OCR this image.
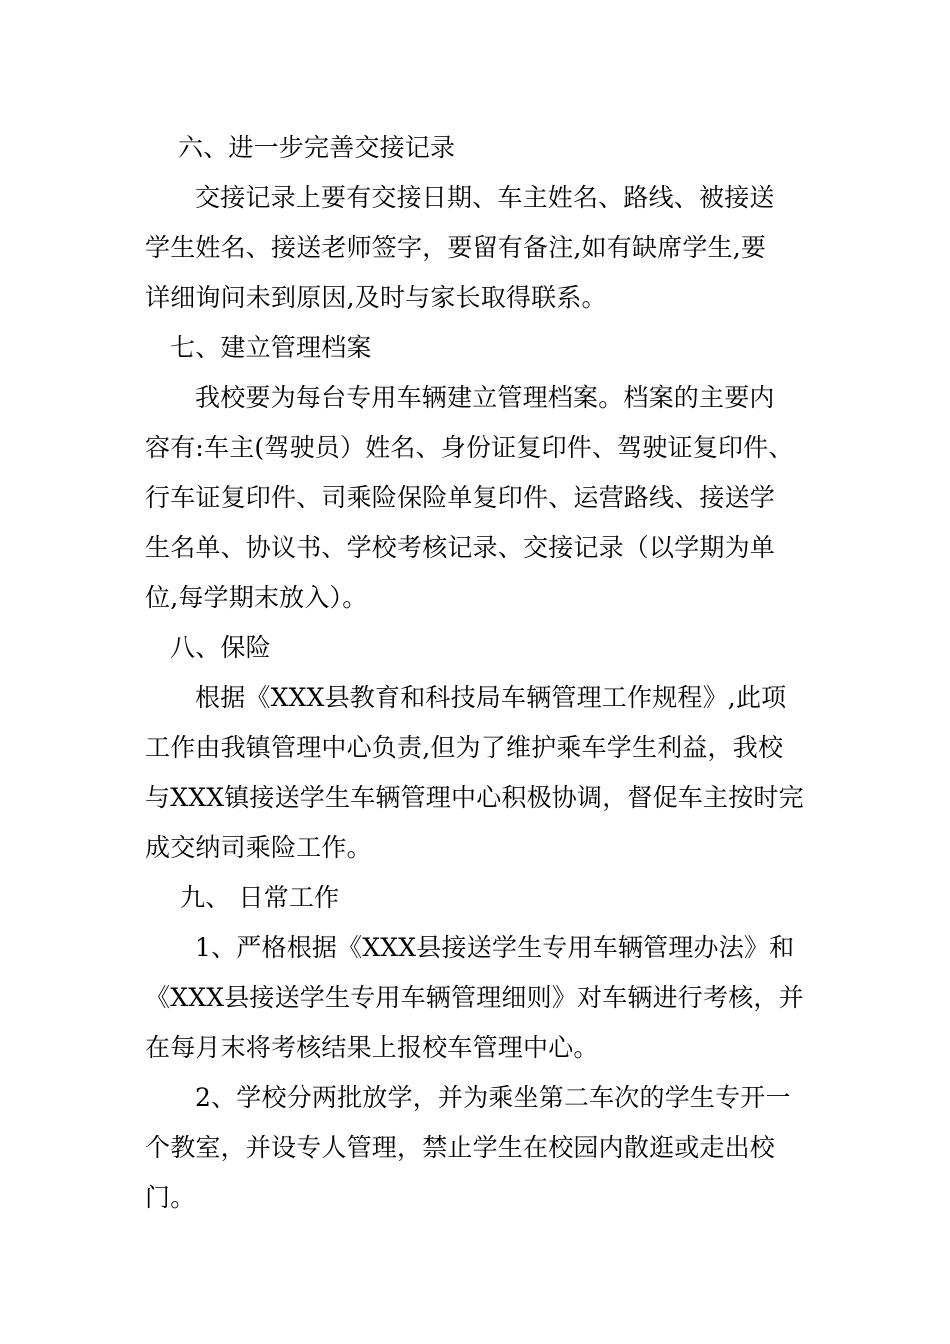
六、进一步完善交接记录
交接记录上要有交接日期、车主姓名、路线、被接送
学生姓名、接送老师签字，要留有备注,如有缺席学生,要
详细询问未到原因,及时与家长取得联系。
七、建立管理档案
我校要为每台专用车辆建立管理档案。档案的主要内
容有:车主(驾驶员）姓名、身份证复印件、驾驶证复印件、
行车证复印件、司乘险保险单复印件、运营路线、接送学
生名单、协议书、学校考核记录、交接记录（以学期为单
位,每学期末放入）。
八、保险
根据《XXX县教育和科技局车辆管理工作规程》,此项
工作由我镇管理中心负责,但为了维护乘车学生利益，我校
与XXX镇接送学生车辆管理中心积极协调，督促车主按时完
成交纳司乘险工作。
九、 日常工作
1、严格根据《XXX县接送学生专用车辆管理办法》和
《XXX县接送学生专用车辆管理细则》对车辆进行考核，并
在每月末将考核结果上报校车管理中心。
2、学校分两批放学，并为乘坐第二车次的学生专开一
个教室，并设专人管理，禁止学生在校园内散逛或走出校
门。
